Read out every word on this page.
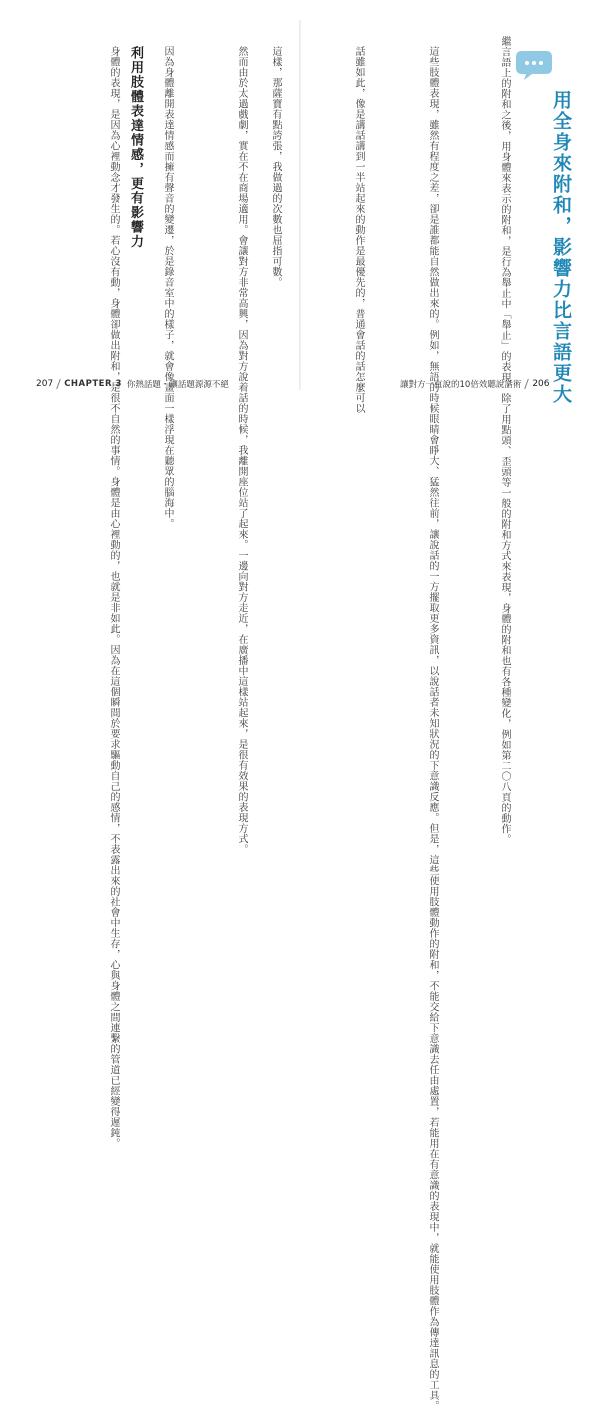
然而由於太過戲劇，實在不在商場適用。會讓對方非常高興，因為對方說着話的時候，我離開座位站了起來。一邊向對方走近，在廣播中這樣站起來，是很有效果的表現方式。	這樣，那薩寶有點誇張，我做過的次數也屈指可數。
因為身體離開表達情感而擁有聲音的變遷，於是錄音室中的樣子，就會像畫面一樣浮現在聽眾的腦海中。
利用肢體表達情感，更有影響力
身體的表現，是因為心裡動念才發生的。若心沒有動，身體卻做出附和，是很不自然的事情。身體是由心裡動的，也就是非如此。因為在這個瞬間於要求驅動自己的感情，不表露出來的社會中生存，心與身體之間連繫的管道已經變得遲鈍。
207 CHAPTER 3 你熱話題・讓話題源源不絕	用全身來附和，影響力比言語更大
繼言語上的附和之後，用身體來表示的附和，是行為舉止中「舉止」的表現。除了用點頭、歪頭等一般的附和方式來表現，身體的附和也有各種變化，例如第二〇八頁的動作。
這些肢體表現，雖然有程度之差，卻是誰都能自然做出來的。例如，無語的時候眼睛會睜大、猛然往前，讓說話的一方擺取更多資訊，以說話者未知狀況的下意識反應。但是，這些使用肢體動作的附和，不能交給下意識去任由處置，若能用在有意識的表現中，就能使用肢體作為傳達訊息的工具。
話雖如此，像是講話講到一半站起來的動作是最優先的，普通會話的話怎麼可以	讓對方一直說的10倍效聽說話術 206
